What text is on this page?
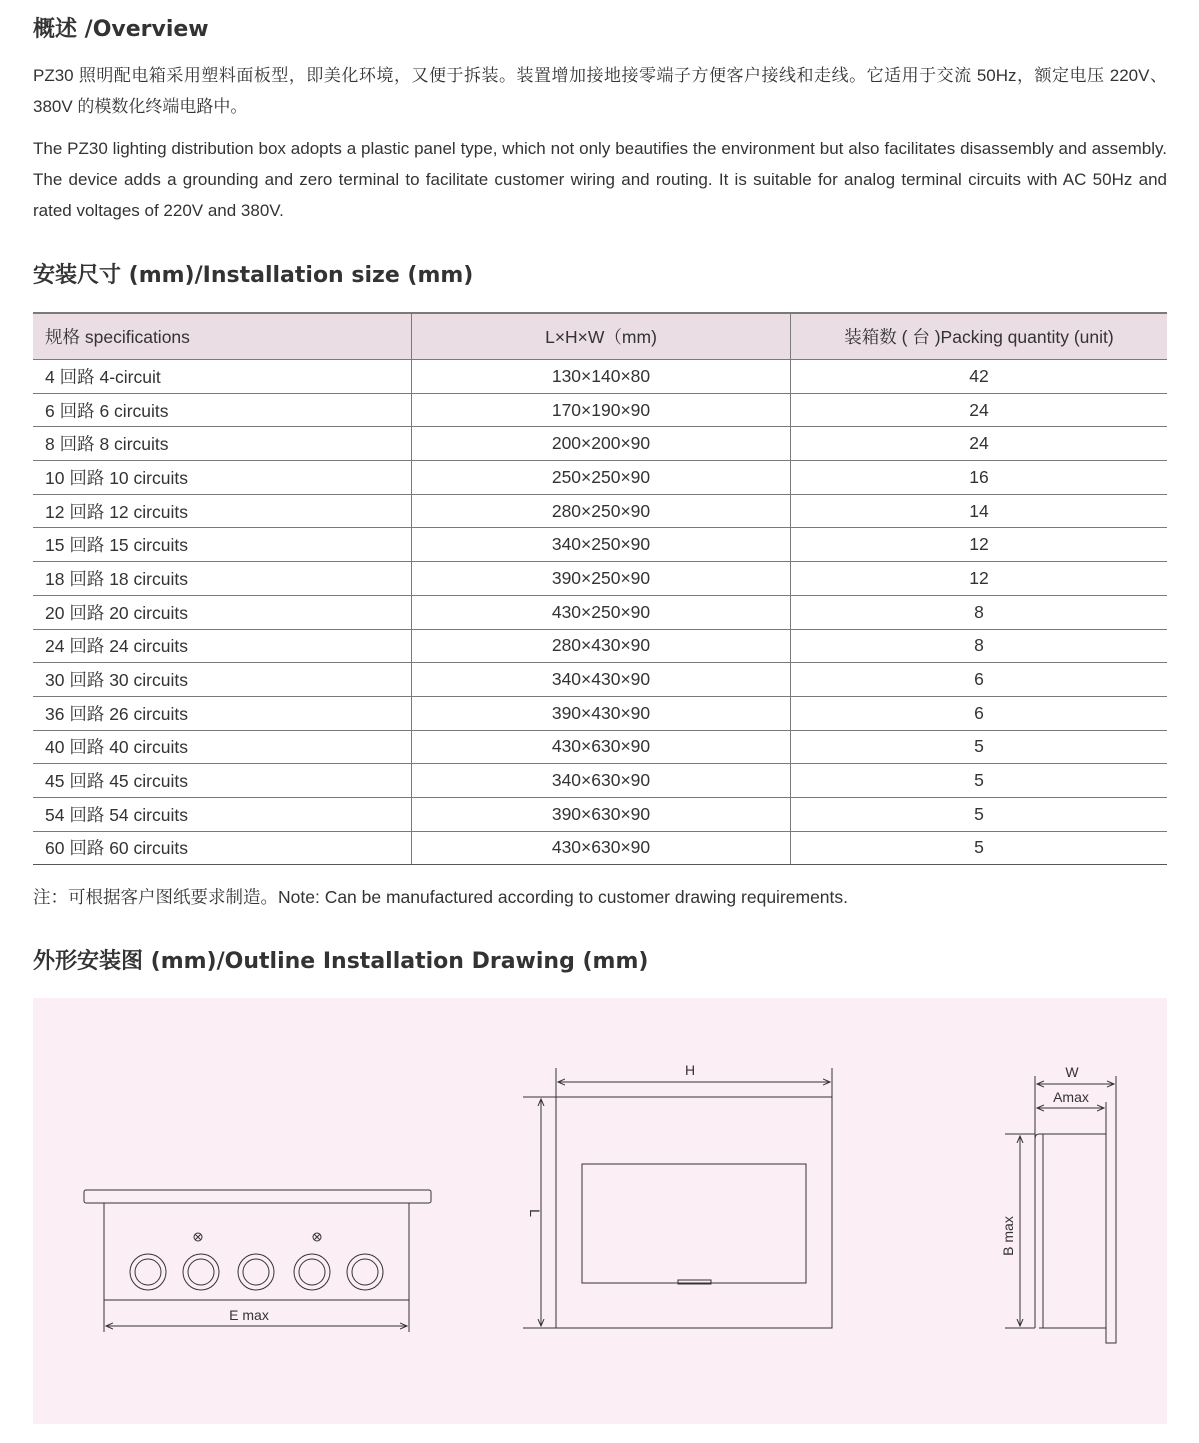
概述 /Overview

PZ30 照明配电箱采用塑料面板型，即美化环境，又便于拆装。装置增加接地接零端子方便客户接线和走线。它适用于交流 50Hz，额定电压 220V、380V 的模数化终端电路中。

The PZ30 lighting distribution box adopts a plastic panel type, which not only beautifies the environment but also facilitates disassembly and assembly. The device adds a grounding and zero terminal to facilitate customer wiring and routing. It is suitable for analog terminal circuits with AC 50Hz and rated voltages of 220V and 380V.

安装尺寸 (mm)/Installation size (mm)
规格 specifications	L×H×W（mm)	装箱数 ( 台 )Packing quantity (unit)
4 回路 4-circuit	130×140×80	42
6 回路 6 circuits	170×190×90	24
8 回路 8 circuits	200×200×90	24
10 回路 10 circuits	250×250×90	16
12 回路 12 circuits	280×250×90	14
15 回路 15 circuits	340×250×90	12
18 回路 18 circuits	390×250×90	12
20 回路 20 circuits	430×250×90	8
24 回路 24 circuits	280×430×90	8
30 回路 30 circuits	340×430×90	6
36 回路 26 circuits	390×430×90	6
40 回路 40 circuits	430×630×90	5
45 回路 45 circuits	340×630×90	5
54 回路 54 circuits	390×630×90	5
60 回路 60 circuits	430×630×90	5

注：可根据客户图纸要求制造。Note: Can be manufactured according to customer drawing requirements.

外形安装图 (mm)/Outline Installation Drawing (mm)
E max
H
L
W
Amax
B max
